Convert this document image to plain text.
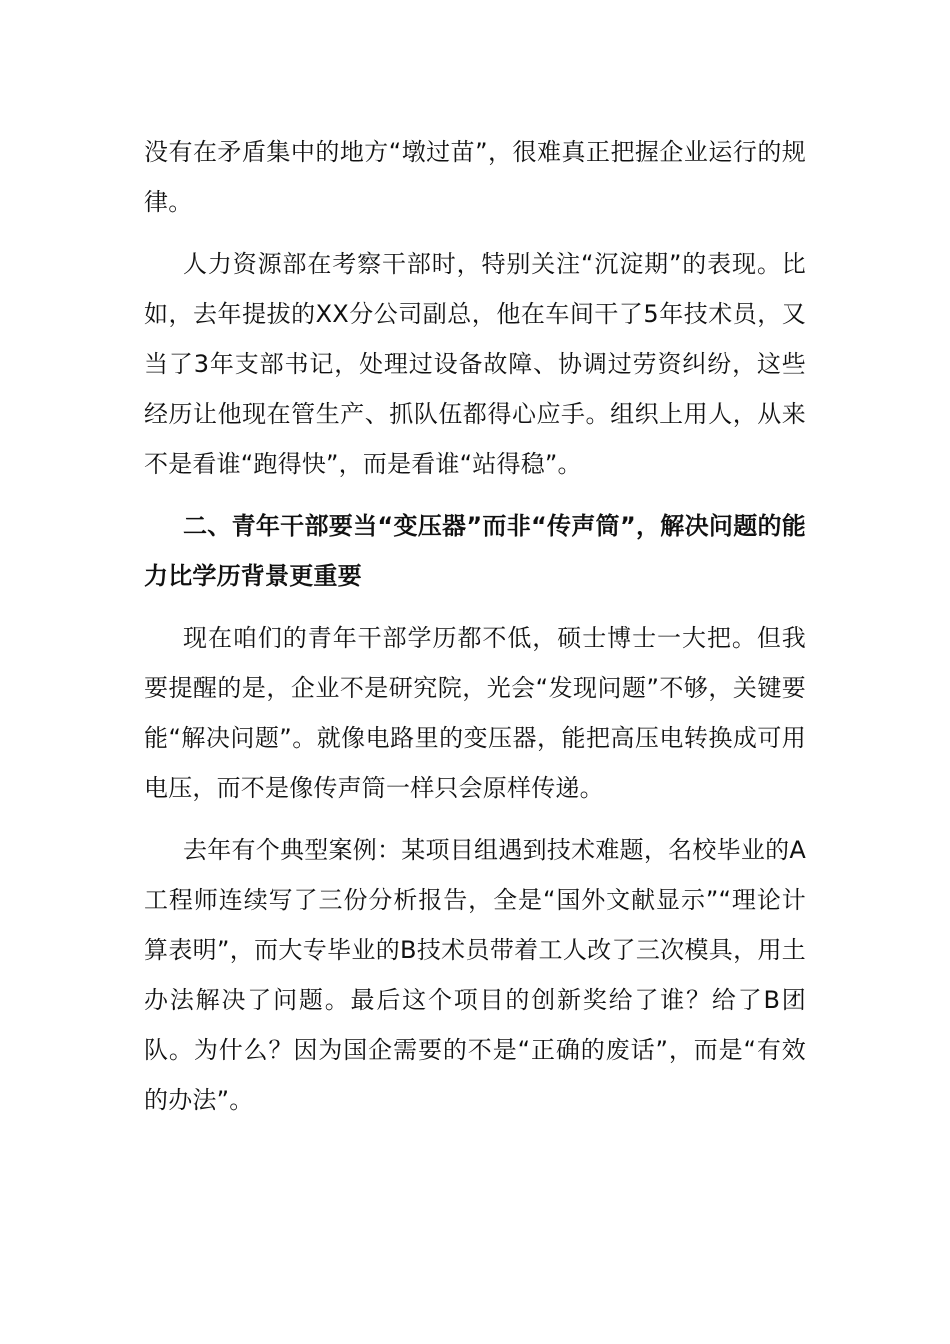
没有在矛盾集中的地方“墩过苗”，很难真正把握企业运行的规律。

人力资源部在考察干部时，特别关注“沉淀期”的表现。比如，去年提拔的XX分公司副总，他在车间干了5年技术员，又当了3年支部书记，处理过设备故障、协调过劳资纠纷，这些经历让他现在管生产、抓队伍都得心应手。组织上用人，从来不是看谁“跑得快”，而是看谁“站得稳”。

二、青年干部要当“变压器”而非“传声筒”，解决问题的能力比学历背景更重要

现在咱们的青年干部学历都不低，硕士博士一大把。但我要提醒的是，企业不是研究院，光会“发现问题”不够，关键要能“解决问题”。就像电路里的变压器，能把高压电转换成可用电压，而不是像传声筒一样只会原样传递。

去年有个典型案例：某项目组遇到技术难题，名校毕业的A工程师连续写了三份分析报告，全是“国外文献显示”“理论计算表明”，而大专毕业的B技术员带着工人改了三次模具，用土办法解决了问题。最后这个项目的创新奖给了谁？给了B团队。为什么？因为国企需要的不是“正确的废话”，而是“有效的办法”。
